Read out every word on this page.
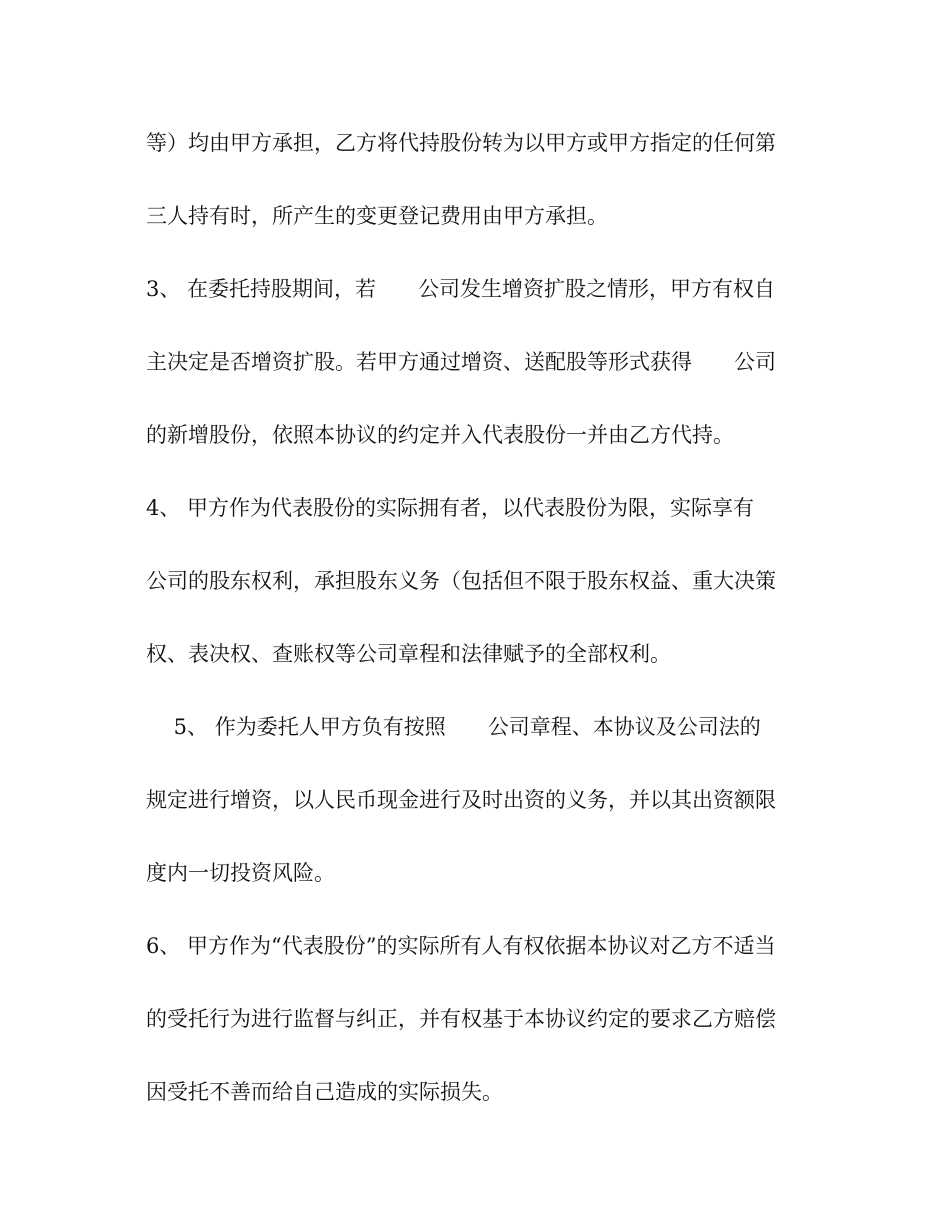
等）均由甲方承担，乙方将代持股份转为以甲方或甲方指定的任何第
三人持有时，所产生的变更登记费用由甲方承担。
3、 在委托持股期间，若　　公司发生增资扩股之情形，甲方有权自
主决定是否增资扩股。若甲方通过增资、送配股等形式获得　　公司
的新增股份，依照本协议的约定并入代表股份一并由乙方代持。
4、 甲方作为代表股份的实际拥有者，以代表股份为限，实际享有
公司的股东权利，承担股东义务（包括但不限于股东权益、重大决策
权、表决权、查账权等公司章程和法律赋予的全部权利。
　 5、 作为委托人甲方负有按照　　公司章程、本协议及公司法的
规定进行增资，以人民币现金进行及时出资的义务，并以其出资额限
度内一切投资风险。
6、 甲方作为“代表股份”的实际所有人有权依据本协议对乙方不适当
的受托行为进行监督与纠正，并有权基于本协议约定的要求乙方赔偿
因受托不善而给自己造成的实际损失。
